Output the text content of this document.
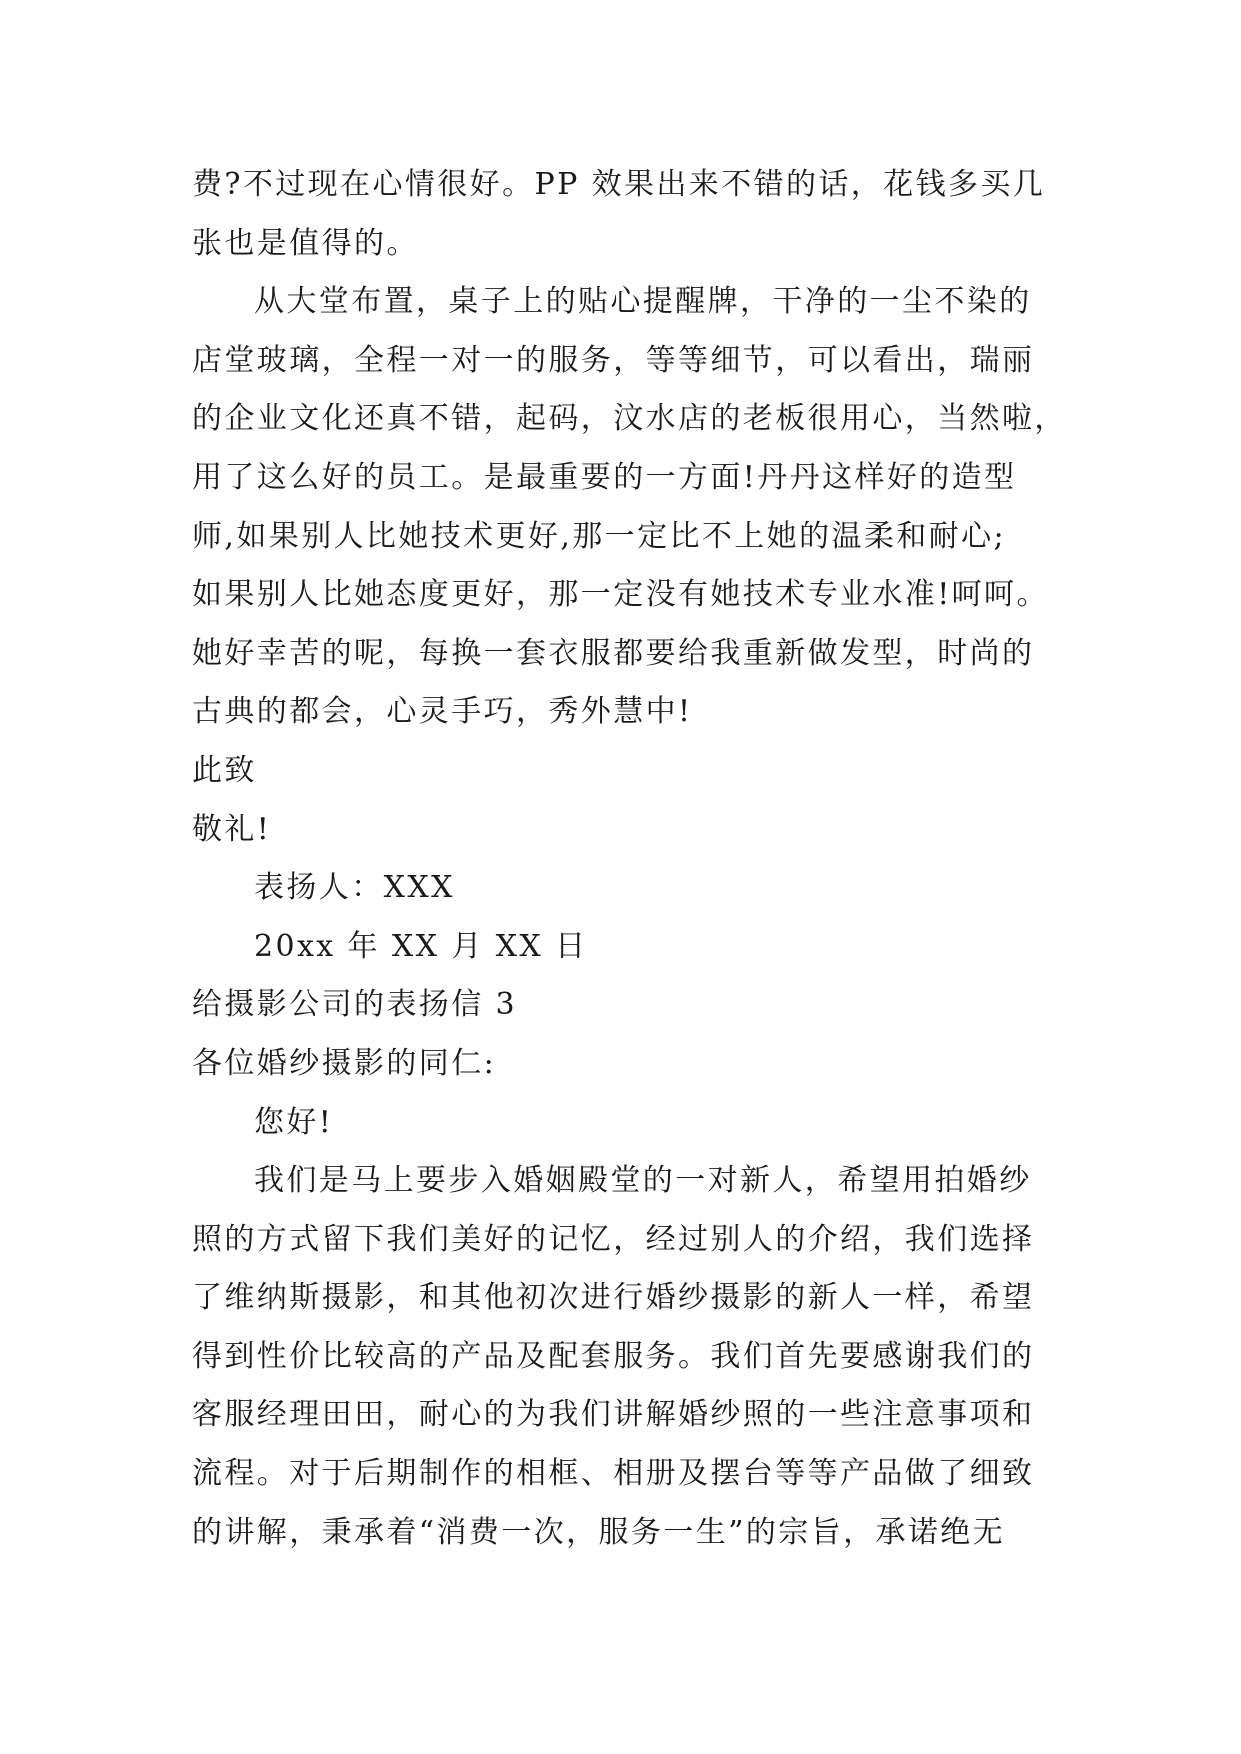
费?不过现在心情很好。PP 效果出来不错的话，花钱多买几
张也是值得的。
从大堂布置，桌子上的贴心提醒牌，干净的一尘不染的
店堂玻璃，全程一对一的服务，等等细节，可以看出，瑞丽
的企业文化还真不错，起码，汶水店的老板很用心，当然啦，
用了这么好的员工。是最重要的一方面!丹丹这样好的造型
师,如果别人比她技术更好,那一定比不上她的温柔和耐心;
如果别人比她态度更好，那一定没有她技术专业水准!呵呵。
她好幸苦的呢，每换一套衣服都要给我重新做发型，时尚的
古典的都会，心灵手巧，秀外慧中!
此致
敬礼!
表扬人：XXX
20xx 年 XX 月 XX 日
给摄影公司的表扬信 3
各位婚纱摄影的同仁:
您好!
我们是马上要步入婚姻殿堂的一对新人，希望用拍婚纱
照的方式留下我们美好的记忆，经过别人的介绍，我们选择
了维纳斯摄影，和其他初次进行婚纱摄影的新人一样，希望
得到性价比较高的产品及配套服务。我们首先要感谢我们的
客服经理田田，耐心的为我们讲解婚纱照的一些注意事项和
流程。对于后期制作的相框、相册及摆台等等产品做了细致
的讲解，秉承着“消费一次，服务一生”的宗旨，承诺绝无
